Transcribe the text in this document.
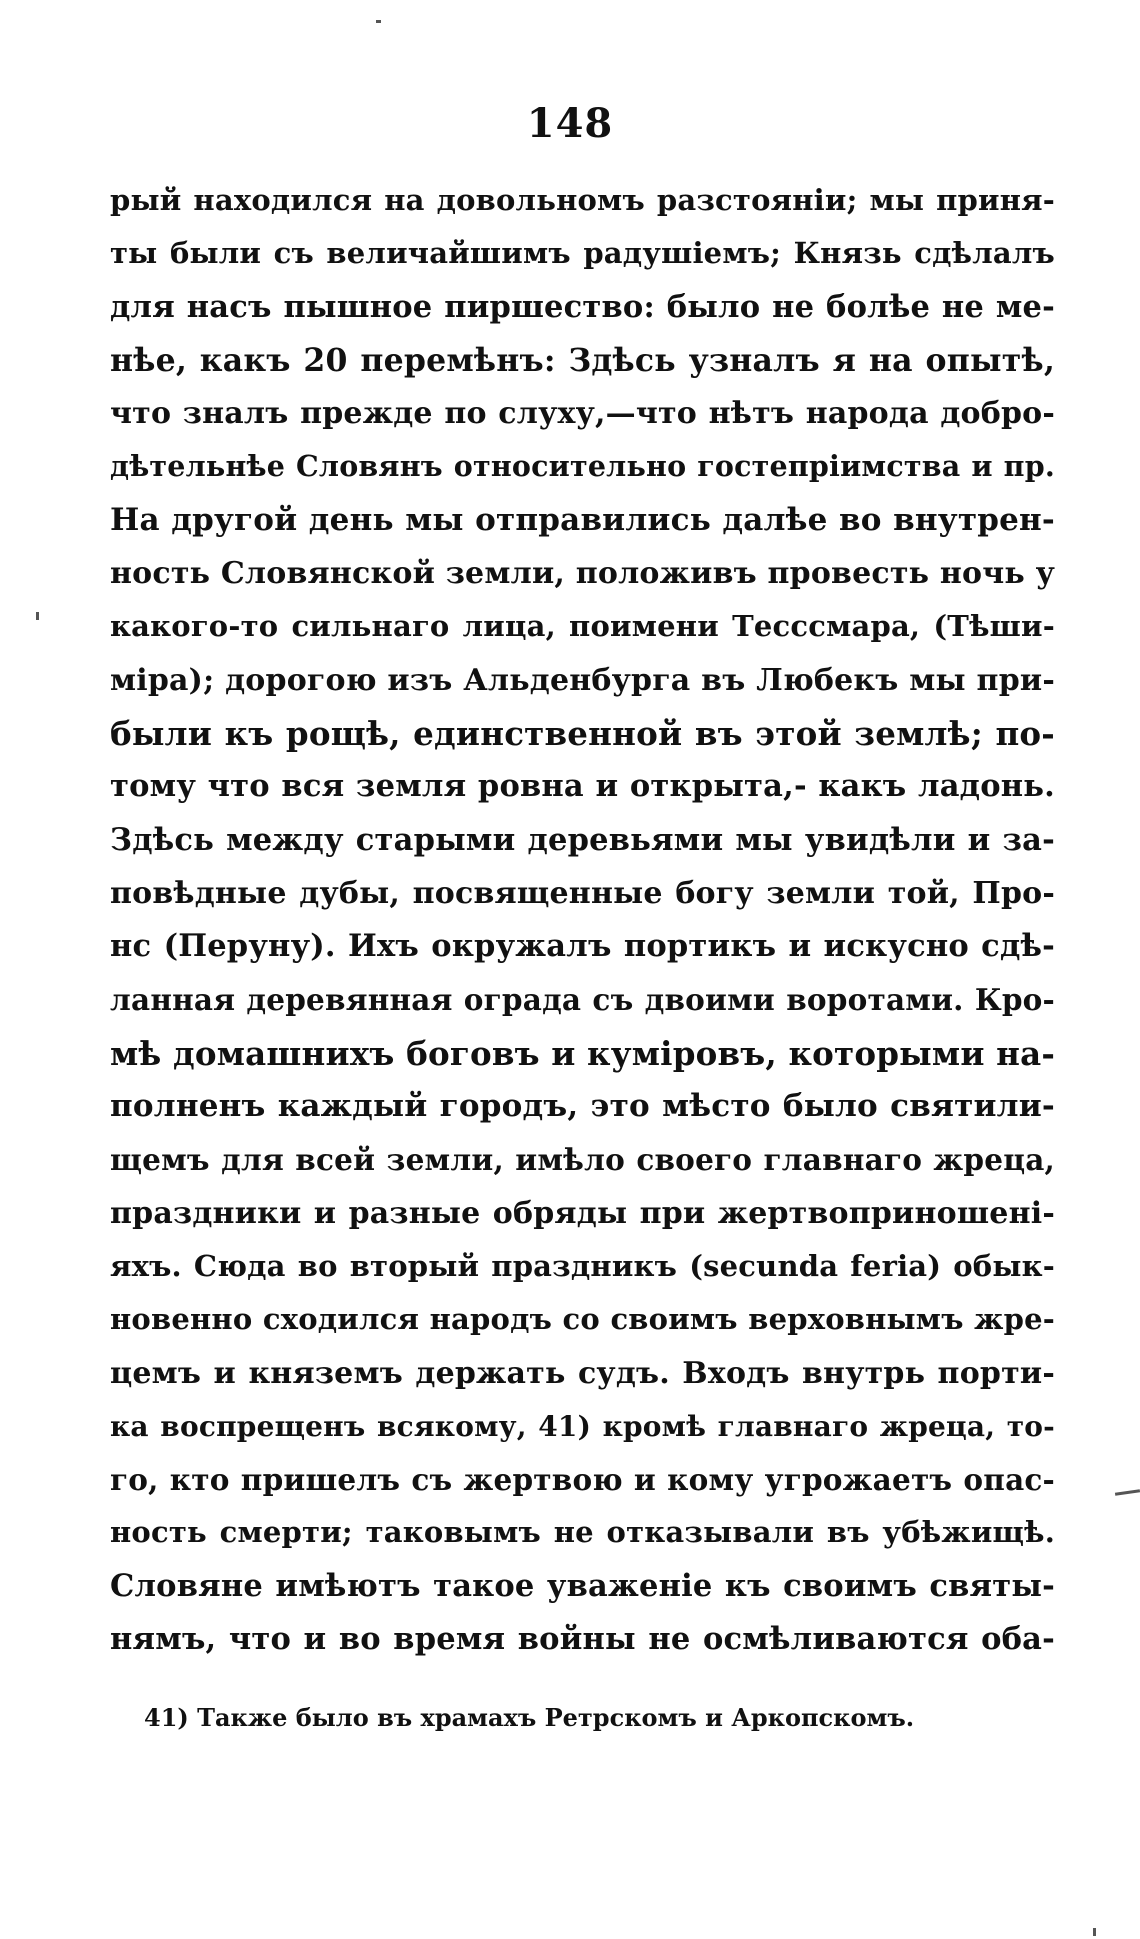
148
рый находился на довольномъ разстояніи; мы приня-
ты были съ величайшимъ радушіемъ; Князь сдѣлалъ
для насъ пышное пиршество: было не болѣе не ме-
нѣе, какъ 20 перемѣнъ: Здѣсь узналъ я на опытѣ,
что зналъ прежде по слуху,—что нѣтъ народа добро-
дѣтельнѣе Словянъ относительно гостепріимства и пр.
На другой день мы отправились далѣе во внутрен-
ность Словянской земли, положивъ провесть ночь у
какого-то сильнаго лица, поимени Тесссмара, (Тѣши-
міра); дорогою изъ Альденбурга въ Любекъ мы при-
были къ рощѣ, единственной въ этой землѣ; по-
тому что вся земля ровна и открыта,- какъ ладонь.
Здѣсь между старыми деревьями мы увидѣли и за-
повѣдные дубы, посвященные богу земли той, Про-
нс (Перуну). Ихъ окружалъ портикъ и искусно сдѣ-
ланная деревянная ограда съ двоими воротами. Кро-
мѣ домашнихъ боговъ и куміровъ, которыми на-
полненъ каждый городъ, это мѣсто было святили-
щемъ для всей земли, имѣло своего главнаго жреца,
праздники и разные обряды при жертвоприношені-
яхъ. Сюда во вторый праздникъ (secunda feria) обык-
новенно сходился народъ со своимъ верховнымъ жре-
цемъ и княземъ держать судъ. Входъ внутрь порти-
ка воспрещенъ всякому, 41) кромѣ главнаго жреца, то-
го, кто пришелъ съ жертвою и кому угрожаетъ опас-
ность смерти; таковымъ не отказывали въ убѣжищѣ.
Словяне имѣютъ такое уваженіе къ своимъ святы-
нямъ, что и во время войны не осмѣливаются оба-
41) Также было въ храмахъ Ретрскомъ и Аркопскомъ.
